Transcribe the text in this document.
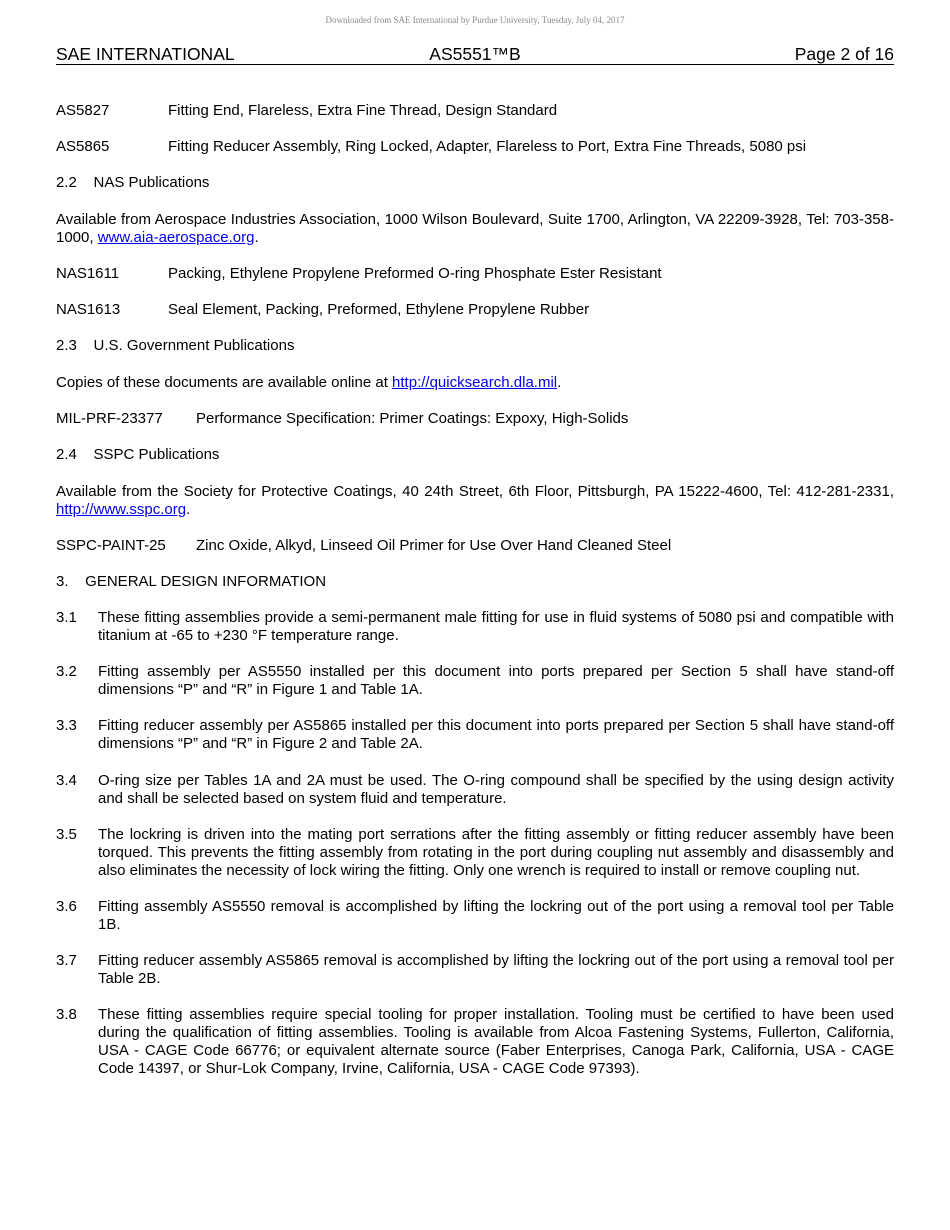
Downloaded from SAE International by Purdue University, Tuesday, July 04, 2017
SAE INTERNATIONAL	AS5551™B	Page 2 of 16
AS5827	Fitting End, Flareless, Extra Fine Thread, Design Standard
AS5865	Fitting Reducer Assembly, Ring Locked, Adapter, Flareless to Port, Extra Fine Threads, 5080 psi
2.2    NAS Publications
Available from Aerospace Industries Association, 1000 Wilson Boulevard, Suite 1700, Arlington, VA 22209-3928, Tel: 703-358-1000, www.aia-aerospace.org.
NAS1611	Packing, Ethylene Propylene Preformed O-ring Phosphate Ester Resistant
NAS1613	Seal Element, Packing, Preformed, Ethylene Propylene Rubber
2.3    U.S. Government Publications
Copies of these documents are available online at http://quicksearch.dla.mil.
MIL-PRF-23377 Performance Specification: Primer Coatings: Expoxy, High-Solids
2.4    SSPC Publications
Available from the Society for Protective Coatings, 40 24th Street, 6th Floor, Pittsburgh, PA 15222-4600, Tel: 412-281-2331, http://www.sspc.org.
SSPC-PAINT-25 Zinc Oxide, Alkyd, Linseed Oil Primer for Use Over Hand Cleaned Steel
3.    GENERAL DESIGN INFORMATION
3.1 These fitting assemblies provide a semi-permanent male fitting for use in fluid systems of 5080 psi and compatible with titanium at -65 to +230 °F temperature range.
3.2 Fitting assembly per AS5550 installed per this document into ports prepared per Section 5 shall have stand-off dimensions “P” and “R” in Figure 1 and Table 1A.
3.3 Fitting reducer assembly per AS5865 installed per this document into ports prepared per Section 5 shall have stand-off dimensions “P” and “R” in Figure 2 and Table 2A.
3.4 O-ring size per Tables 1A and 2A must be used. The O-ring compound shall be specified by the using design activity and shall be selected based on system fluid and temperature.
3.5 The lockring is driven into the mating port serrations after the fitting assembly or fitting reducer assembly have been torqued. This prevents the fitting assembly from rotating in the port during coupling nut assembly and disassembly and also eliminates the necessity of lock wiring the fitting. Only one wrench is required to install or remove coupling nut.
3.6 Fitting assembly AS5550 removal is accomplished by lifting the lockring out of the port using a removal tool per Table 1B.
3.7 Fitting reducer assembly AS5865 removal is accomplished by lifting the lockring out of the port using a removal tool per Table 2B.
3.8 These fitting assemblies require special tooling for proper installation. Tooling must be certified to have been used during the qualification of fitting assemblies. Tooling is available from Alcoa Fastening Systems, Fullerton, California, USA - CAGE Code 66776; or equivalent alternate source (Faber Enterprises, Canoga Park, California, USA - CAGE Code 14397, or Shur-Lok Company, Irvine, California, USA - CAGE Code 97393).
